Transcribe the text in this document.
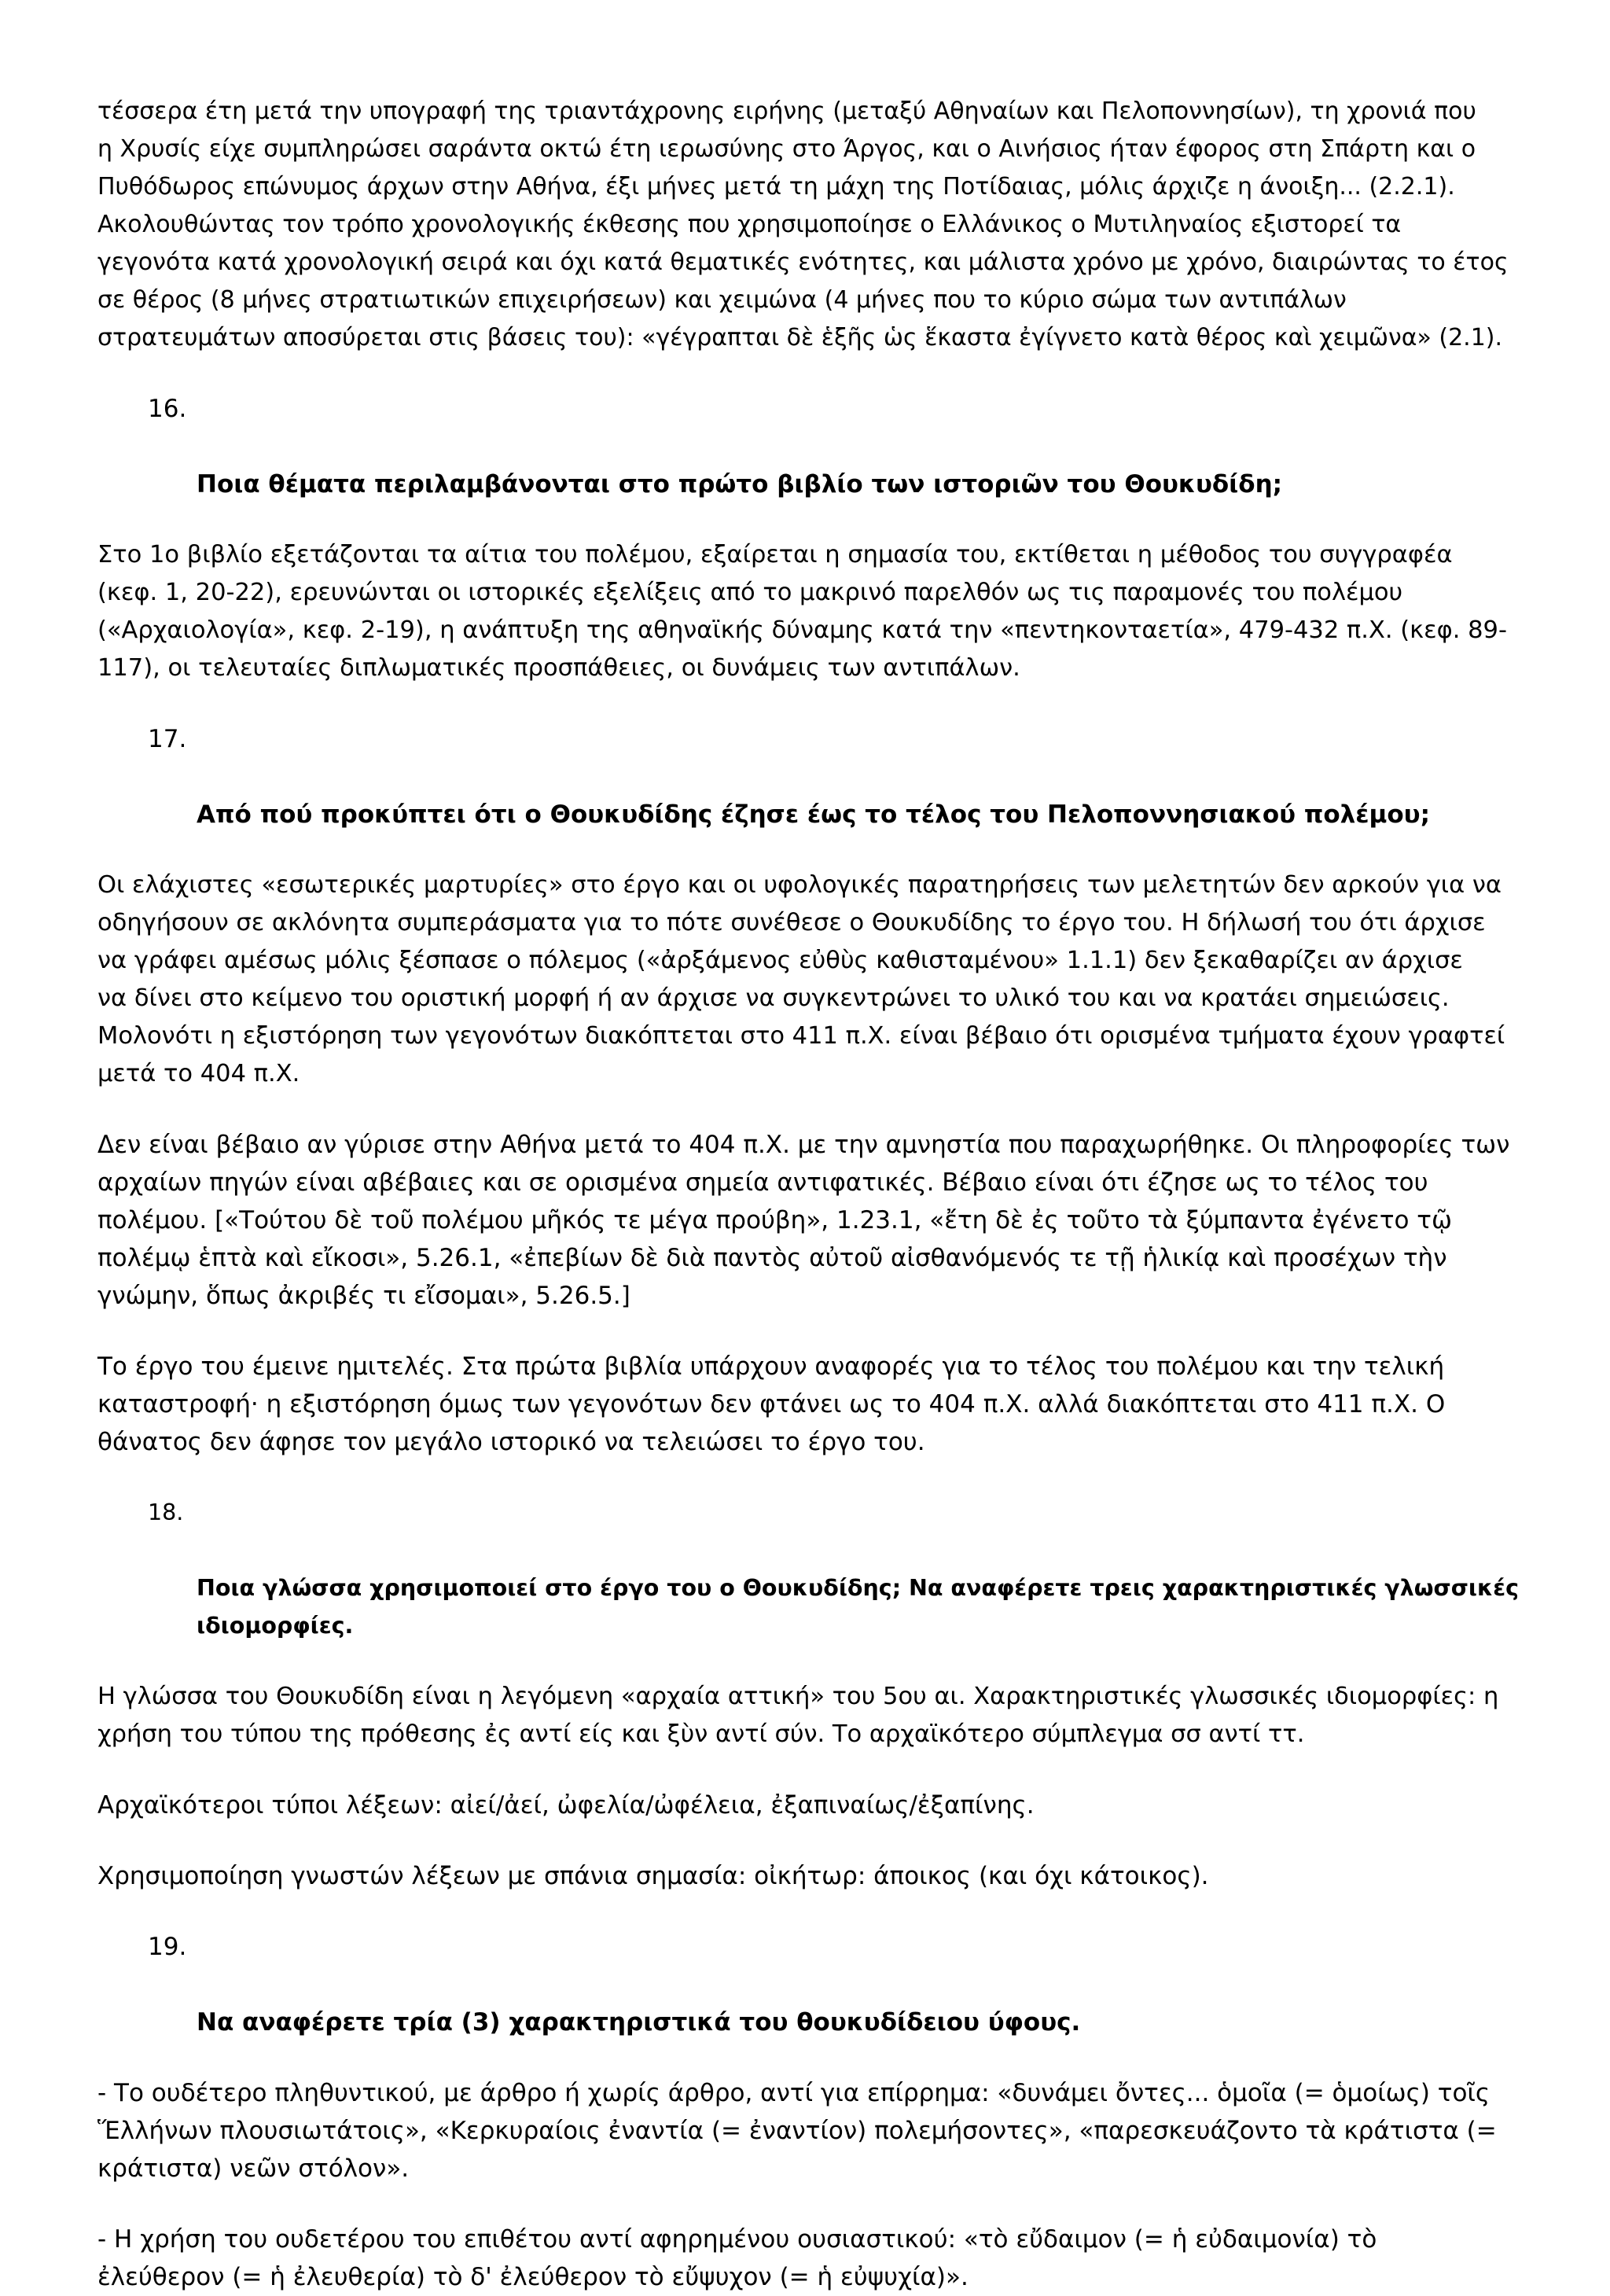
τέσσερα έτη μετά την υπογραφή της τριαντάχρονης ειρήνης (μεταξύ Αθηναίων και Πελοποννησίων), τη χρονιά που
η Χρυσίς είχε συμπληρώσει σαράντα οκτώ έτη ιερωσύνης στο Άργος, και ο Αινήσιος ήταν έφορος στη Σπάρτη και ο
Πυθόδωρος επώνυμος άρχων στην Αθήνα, έξι μήνες μετά τη μάχη της Ποτίδαιας, μόλις άρχιζε η άνοιξη... (2.2.1).
Ακολουθώντας τον τρόπο χρονολογικής έκθεσης που χρησιμοποίησε ο Ελλάνικος ο Μυτιληναίος εξιστορεί τα
γεγονότα κατά χρονολογική σειρά και όχι κατά θεματικές ενότητες, και μάλιστα χρόνο με χρόνο, διαιρώντας το έτος
σε θέρος (8 μήνες στρατιωτικών επιχειρήσεων) και χειμώνα (4 μήνες που το κύριο σώμα των αντιπάλων
στρατευμάτων αποσύρεται στις βάσεις του): «γέγραπται δὲ ἑξῆς ὡς ἕκαστα ἐγίγνετο κατὰ θέρος καὶ χειμῶνα» (2.1).

16.

Ποια θέματα περιλαμβάνονται στο πρώτο βιβλίο των ιστοριῶν του Θουκυδίδη;

Στο 1ο βιβλίο εξετάζονται τα αίτια του πολέμου, εξαίρεται η σημασία του, εκτίθεται η μέθοδος του συγγραφέα
(κεφ. 1, 20-22), ερευνώνται οι ιστορικές εξελίξεις από το μακρινό παρελθόν ως τις παραμονές του πολέμου
(«Αρχαιολογία», κεφ. 2-19), η ανάπτυξη της αθηναϊκής δύναμης κατά την «πεντηκονταετία», 479-432 π.Χ. (κεφ. 89-
117), οι τελευταίες διπλωματικές προσπάθειες, οι δυνάμεις των αντιπάλων.

17.

Από πού προκύπτει ότι ο Θουκυδίδης έζησε έως το τέλος του Πελοποννησιακού πολέμου;

Οι ελάχιστες «εσωτερικές μαρτυρίες» στο έργο και οι υφολογικές παρατηρήσεις των μελετητών δεν αρκούν για να
οδηγήσουν σε ακλόνητα συμπεράσματα για το πότε συνέθεσε ο Θουκυδίδης το έργο του. Η δήλωσή του ότι άρχισε
να γράφει αμέσως μόλις ξέσπασε ο πόλεμος («ἀρξάμενος εὐθὺς καθισταμένου» 1.1.1) δεν ξεκαθαρίζει αν άρχισε
να δίνει στο κείμενο του οριστική μορφή ή αν άρχισε να συγκεντρώνει το υλικό του και να κρατάει σημειώσεις.
Μολονότι η εξιστόρηση των γεγονότων διακόπτεται στο 411 π.Χ. είναι βέβαιο ότι ορισμένα τμήματα έχουν γραφτεί
μετά το 404 π.Χ.

Δεν είναι βέβαιο αν γύρισε στην Αθήνα μετά το 404 π.Χ. με την αμνηστία που παραχωρήθηκε. Οι πληροφορίες των
αρχαίων πηγών είναι αβέβαιες και σε ορισμένα σημεία αντιφατικές. Βέβαιο είναι ότι έζησε ως το τέλος του
πολέμου. [«Τούτου δὲ τοῦ πολέμου μῆκός τε μέγα προύβη», 1.23.1, «ἔτη δὲ ἐς τοῦτο τὰ ξύμπαντα ἐγένετο τῷ
πολέμῳ ἑπτὰ καὶ εἴκοσι», 5.26.1, «ἐπεβίων δὲ διὰ παντὸς αὐτοῦ αἰσθανόμενός τε τῇ ἡλικίᾳ καὶ προσέχων τὴν
γνώμην, ὅπως ἀκριβές τι εἴσομαι», 5.26.5.]

Το έργο του έμεινε ημιτελές. Στα πρώτα βιβλία υπάρχουν αναφορές για το τέλος του πολέμου και την τελική
καταστροφή· η εξιστόρηση όμως των γεγονότων δεν φτάνει ως το 404 π.Χ. αλλά διακόπτεται στο 411 π.Χ. Ο
θάνατος δεν άφησε τον μεγάλο ιστορικό να τελειώσει το έργο του.

18.

Ποια γλώσσα χρησιμοποιεί στο έργο του ο Θουκυδίδης; Να αναφέρετε τρεις χαρακτηριστικές γλωσσικές
ιδιομορφίες.

Η γλώσσα του Θουκυδίδη είναι η λεγόμενη «αρχαία αττική» του 5ου αι. Χαρακτηριστικές γλωσσικές ιδιομορφίες: η
χρήση του τύπου της πρόθεσης ἐς αντί είς και ξὺν αντί σύν. Το αρχαϊκότερο σύμπλεγμα σσ αντί ττ.

Αρχαϊκότεροι τύποι λέξεων: αἰεί/ἀεί, ὠφελία/ὠφέλεια, ἐξαπιναίως/ἐξαπίνης.

Χρησιμοποίηση γνωστών λέξεων με σπάνια σημασία: οἰκήτωρ: άποικος (και όχι κάτοικος).

19.

Να αναφέρετε τρία (3) χαρακτηριστικά του θουκυδίδειου ύφους.

- Το ουδέτερο πληθυντικού, με άρθρο ή χωρίς άρθρο, αντί για επίρρημα: «δυνάμει ὄντες... ὁμοῖα (= ὁμοίως) τοῖς
Ἕλλήνων πλουσιωτάτοις», «Κερκυραίοις ἐναντία (= ἐναντίον) πολεμήσοντες», «παρεσκευάζοντο τὰ κράτιστα (=
κράτιστα) νεῶν στόλον».

- Η χρήση του ουδετέρου του επιθέτου αντί αφηρημένου ουσιαστικού: «τὸ εὔδαιμον (= ἡ εὐδαιμονία) τὸ
ἐλεύθερον (= ἡ ἐλευθερία) τὸ δ' ἐλεύθερον τὸ εὔψυχον (= ἡ εὐψυχία)».
